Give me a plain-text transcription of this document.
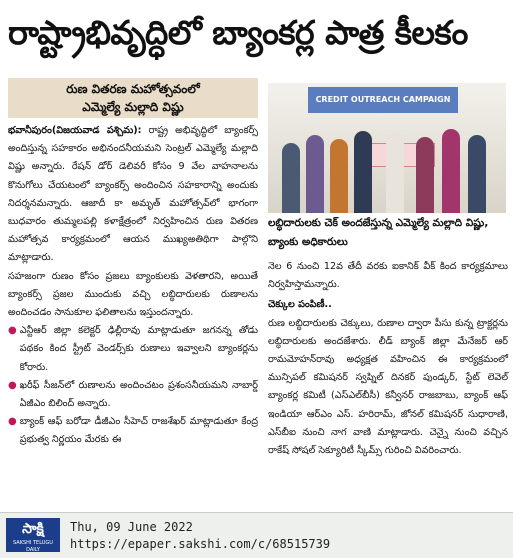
రాష్ట్రాభివృద్ధిలో బ్యాంకర్ల పాత్ర కీలకం
రుణ వితరణ మహోత్సవంలో
ఎమ్మెల్యే మల్లాది విష్ణు

భవానీపురం(విజయవాడ పశ్చిమ): రాష్ట్ర అభివృద్ధిలో బ్యాంకర్స్ అందిస్తున్న సహకారం అభినందనీయమని సెంట్రల్ ఎమ్మెల్యే మల్లాది విష్ణు అన్నారు. రేషన్ డోర్ డెలివరీ కోసం 9 వేల వాహనాలను కొనుగోలు చేయటంలో బ్యాంకర్స్ అందించిన సహకారాన్ని అందుకు నిదర్శనమన్నారు. ఆజాదీ కా అమృత్ మహోత్సవ్‌లో భాగంగా బుధవారం తుమ్మలపల్లి కళాక్షేత్రంలో నిర్వహించిన రుణ వితరణ మహోత్సవ కార్యక్రమంలో ఆయన ముఖ్యఅతిథిగా పాల్గొని మాట్లాడారు.

సహజంగా రుణం కోసం ప్రజలు బ్యాంకులకు వెళతారని, అయితే బ్యాంకర్స్ ప్రజల ముందుకు వచ్చి లబ్ధిదారులకు రుణాలను అందించడం సానుకూల ఫలితాలను ఇస్తుందన్నారు.

● ఎన్టీఆర్ జిల్లా కలెక్టర్ ఢిల్లీరావు మాట్లాడుతూ జగనన్న తోడు పథకం కింద స్ట్రీట్ వెండర్స్‌కు రుణాలు ఇవ్వాలని బ్యాంకర్లను కోరారు.
● ఖరీఫ్ సీజన్‌లో రుణాలను అందించటం ప్రశంసనీయమని నాబార్డ్ ఏజీఎం బిలింద్ అన్నారు.
● బ్యాంక్ ఆఫ్ బరోడా డీజీఎం సీహెచ్ రాజశేఖర్ మాట్లాడుతూ కేంద్ర ప్రభుత్వ నిర్ణయం మేరకు ఈ
CREDIT OUTREACH CAMPAIGN
లబ్ధిదారులకు చెక్ అందజేస్తున్న ఎమ్మెల్యే మల్లాది విష్ణు, బ్యాంకు అధికారులు

నెల 6 నుంచి 12వ తేదీ వరకు ఐకానిక్ వీక్ కింద కార్యక్రమాలు నిర్వహిస్తామన్నారు.

చెక్కుల పంపిణీ..

రుణ లబ్ధిదారులకు చెక్కులు, రుణాల ద్వారా పీసు కున్న ట్రాక్టర్లను లబ్ధిదారులకు అందజేశారు. లీడ్ బ్యాంక్ జిల్లా మేనేజర్ ఆర్ రామమోహన్‌రావు అధ్యక్షత వహించిన ఈ కార్యక్రమంలో మున్సిపల్ కమిషనర్ స్వప్నిల్ దినకర్ పుండ్కర్, స్టేట్ లెవెల్ బ్యాంకర్ల కమిటీ (ఎస్ఎల్‌బీసీ) కన్వీనర్ రాజబాబు, బ్యాంక్ ఆఫ్ ఇండియా ఆర్ఎం ఎస్. హరిరామ్, జోనల్ కమిషనర్ సుధారాణి, ఎస్‌బీఐ నుంచి నాగ వాణి మాట్లాడారు. చెన్నై నుంచి వచ్చిన రాకేష్ సోషల్ సెక్యూరిటీ స్కీమ్స్ గురించి వివరించారు.

సాక్షి
SAKSHI TELUGU DAILY
Thu, 09 June 2022
https://epaper.sakshi.com/c/68515739
